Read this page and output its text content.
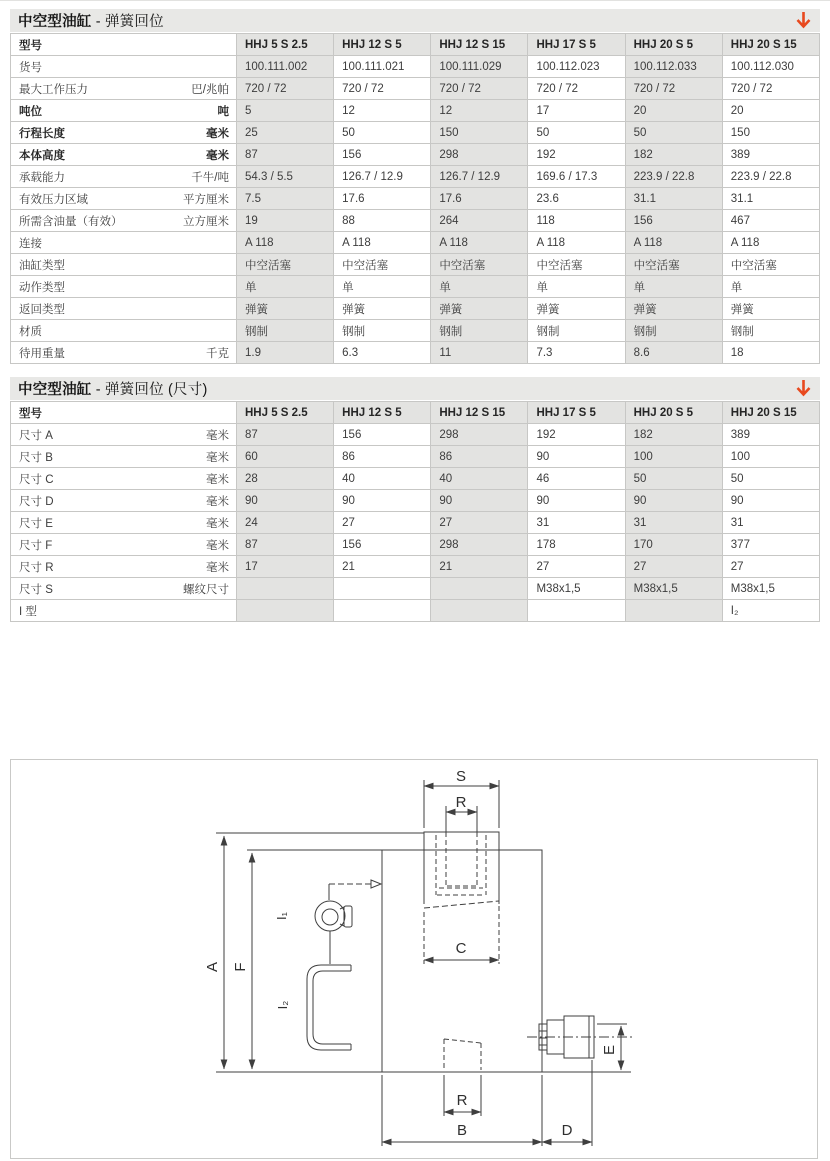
中空型油缸 - 弹簧回位
型号	HHJ 5 S 2.5	HHJ 12 S 5	HHJ 12 S 15	HHJ 17 S 5	HHJ 20 S 5	HHJ 20 S 15

货号	100.111.002	100.111.021	100.111.029	100.112.023	100.112.033	100.112.030

最大工作压力 巴/兆帕	720 / 72	720 / 72	720 / 72	720 / 72	720 / 72	720 / 72

吨位 吨	5	12	12	17	20	20

行程长度 毫米	25	50	150	50	50	150

本体高度 毫米	87	156	298	192	182	389

承载能力 千牛/吨	54.3 / 5.5	126.7 / 12.9	126.7 / 12.9	169.6 / 17.3	223.9 / 22.8	223.9 / 22.8

有效压力区域 平方厘米	7.5	17.6	17.6	23.6	31.1	31.1

所需含油量（有效） 立方厘米	19	88	264	118	156	467

连接	A 118	A 118	A 118	A 118	A 118	A 118

油缸类型	中空活塞	中空活塞	中空活塞	中空活塞	中空活塞	中空活塞

动作类型	单	单	单	单	单	单

返回类型	弹簧	弹簧	弹簧	弹簧	弹簧	弹簧

材质	钢制	钢制	钢制	钢制	钢制	钢制

待用重量 千克	1.9	6.3	11	7.3	8.6	18
中空型油缸 - 弹簧回位 (尺寸)
型号	HHJ 5 S 2.5	HHJ 12 S 5	HHJ 12 S 15	HHJ 17 S 5	HHJ 20 S 5	HHJ 20 S 15

尺寸 A 毫米	87	156	298	192	182	389

尺寸 B 毫米	60	86	86	90	100	100

尺寸 C 毫米	28	40	40	46	50	50

尺寸 D 毫米	90	90	90	90	90	90

尺寸 E 毫米	24	27	27	31	31	31

尺寸 F 毫米	87	156	298	178	170	377

尺寸 R 毫米	17	21	21	27	27	27

尺寸 S 螺纹尺寸				M38x1,5	M38x1,5	M38x1,5

I 型						I₂
S
R
C
A F
I₁
I₂
E
R
B	D
